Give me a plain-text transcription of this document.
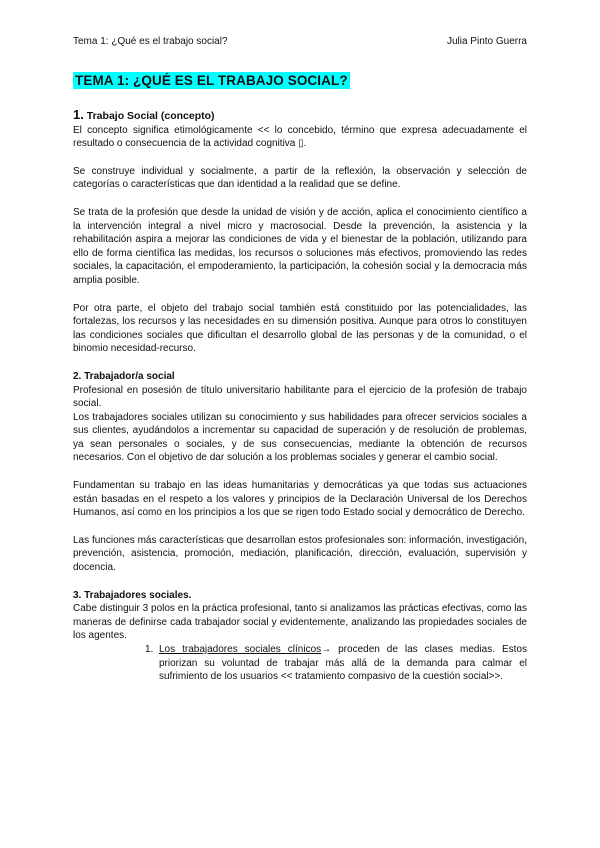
Tema 1: ¿Qué es el trabajo social?	Julia Pinto Guerra
TEMA 1: ¿QUÉ ES EL TRABAJO SOCIAL?

1. Trabajo Social (concepto)

El concepto significa etimológicamente << lo concebido, término que expresa adecuadamente el resultado o consecuencia de la actividad cognitiva ▯.

Se construye individual y socialmente, a partir de la reflexión, la observación y selección de categorías o características que dan identidad a la realidad que se define.

Se trata de la profesión que desde la unidad de visión y de acción, aplica el conocimiento científico a la intervención integral a nivel micro y macrosocial. Desde la prevención, la asistencia y la rehabilitación aspira a mejorar las condiciones de vida y el bienestar de la población, utilizando para ello de forma científica las medidas, los recursos o soluciones más efectivos, promoviendo las redes sociales, la capacitación, el empoderamiento, la participación, la cohesión social y la democracia más amplia posible.

Por otra parte, el objeto del trabajo social también está constituido por las potencialidades, las fortalezas, los recursos y las necesidades en su dimensión positiva. Aunque para otros lo constituyen las condiciones sociales que dificultan el desarrollo global de las personas y de la comunidad, o el binomio necesidad-recurso.

2. Trabajador/a social

Profesional en posesión de título universitario habilitante para el ejercicio de la profesión de trabajo social.

Los trabajadores sociales utilizan su conocimiento y sus habilidades para ofrecer servicios sociales a sus clientes, ayudándolos a incrementar su capacidad de superación y de resolución de problemas, ya sean personales o sociales, y de sus consecuencias, mediante la obtención de recursos necesarios. Con el objetivo de dar solución a los problemas sociales y generar el cambio social.

Fundamentan su trabajo en las ideas humanitarias y democráticas ya que todas sus actuaciones están basadas en el respeto a los valores y principios de la Declaración Universal de los Derechos Humanos, así como en los principios a los que se rigen todo Estado social y democrático de Derecho.

Las funciones más características que desarrollan estos profesionales son: información, investigación, prevención, asistencia, promoción, mediación, planificación, dirección, evaluación, supervisión y docencia.

3. Trabajadores sociales.

Cabe distinguir 3 polos en la práctica profesional, tanto si analizamos las prácticas efectivas, como las maneras de definirse cada trabajador social y evidentemente, analizando las propiedades sociales de los agentes.

1. Los trabajadores sociales clínicos→ proceden de las clases medias. Estos priorizan su voluntad de trabajar más allá de la demanda para calmar el sufrimiento de los usuarios << tratamiento compasivo de la cuestión social>>.
